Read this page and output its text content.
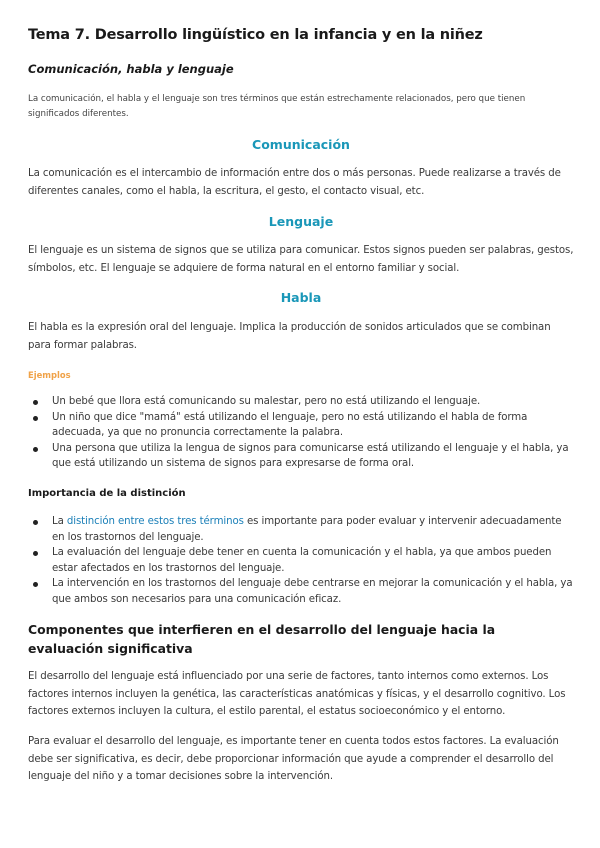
Tema 7. Desarrollo lingüístico en la infancia y en la niñez
Comunicación, habla y lenguaje
La comunicación, el habla y el lenguaje son tres términos que están estrechamente relacionados, pero que tienen significados diferentes.
Comunicación
La comunicación es el intercambio de información entre dos o más personas. Puede realizarse a través de diferentes canales, como el habla, la escritura, el gesto, el contacto visual, etc.
Lenguaje
El lenguaje es un sistema de signos que se utiliza para comunicar. Estos signos pueden ser palabras, gestos, símbolos, etc. El lenguaje se adquiere de forma natural en el entorno familiar y social.
Habla
El habla es la expresión oral del lenguaje. Implica la producción de sonidos articulados que se combinan para formar palabras.
Ejemplos
Un bebé que llora está comunicando su malestar, pero no está utilizando el lenguaje.
Un niño que dice "mamá" está utilizando el lenguaje, pero no está utilizando el habla de forma adecuada, ya que no pronuncia correctamente la palabra.
Una persona que utiliza la lengua de signos para comunicarse está utilizando el lenguaje y el habla, ya que está utilizando un sistema de signos para expresarse de forma oral.
Importancia de la distinción
La distinción entre estos tres términos es importante para poder evaluar y intervenir adecuadamente en los trastornos del lenguaje.
La evaluación del lenguaje debe tener en cuenta la comunicación y el habla, ya que ambos pueden estar afectados en los trastornos del lenguaje.
La intervención en los trastornos del lenguaje debe centrarse en mejorar la comunicación y el habla, ya que ambos son necesarios para una comunicación eficaz.
Componentes que interfieren en el desarrollo del lenguaje hacia la evaluación significativa
El desarrollo del lenguaje está influenciado por una serie de factores, tanto internos como externos. Los factores internos incluyen la genética, las características anatómicas y físicas, y el desarrollo cognitivo. Los factores externos incluyen la cultura, el estilo parental, el estatus socioeconómico y el entorno.
Para evaluar el desarrollo del lenguaje, es importante tener en cuenta todos estos factores. La evaluación debe ser significativa, es decir, debe proporcionar información que ayude a comprender el desarrollo del lenguaje del niño y a tomar decisiones sobre la intervención.
